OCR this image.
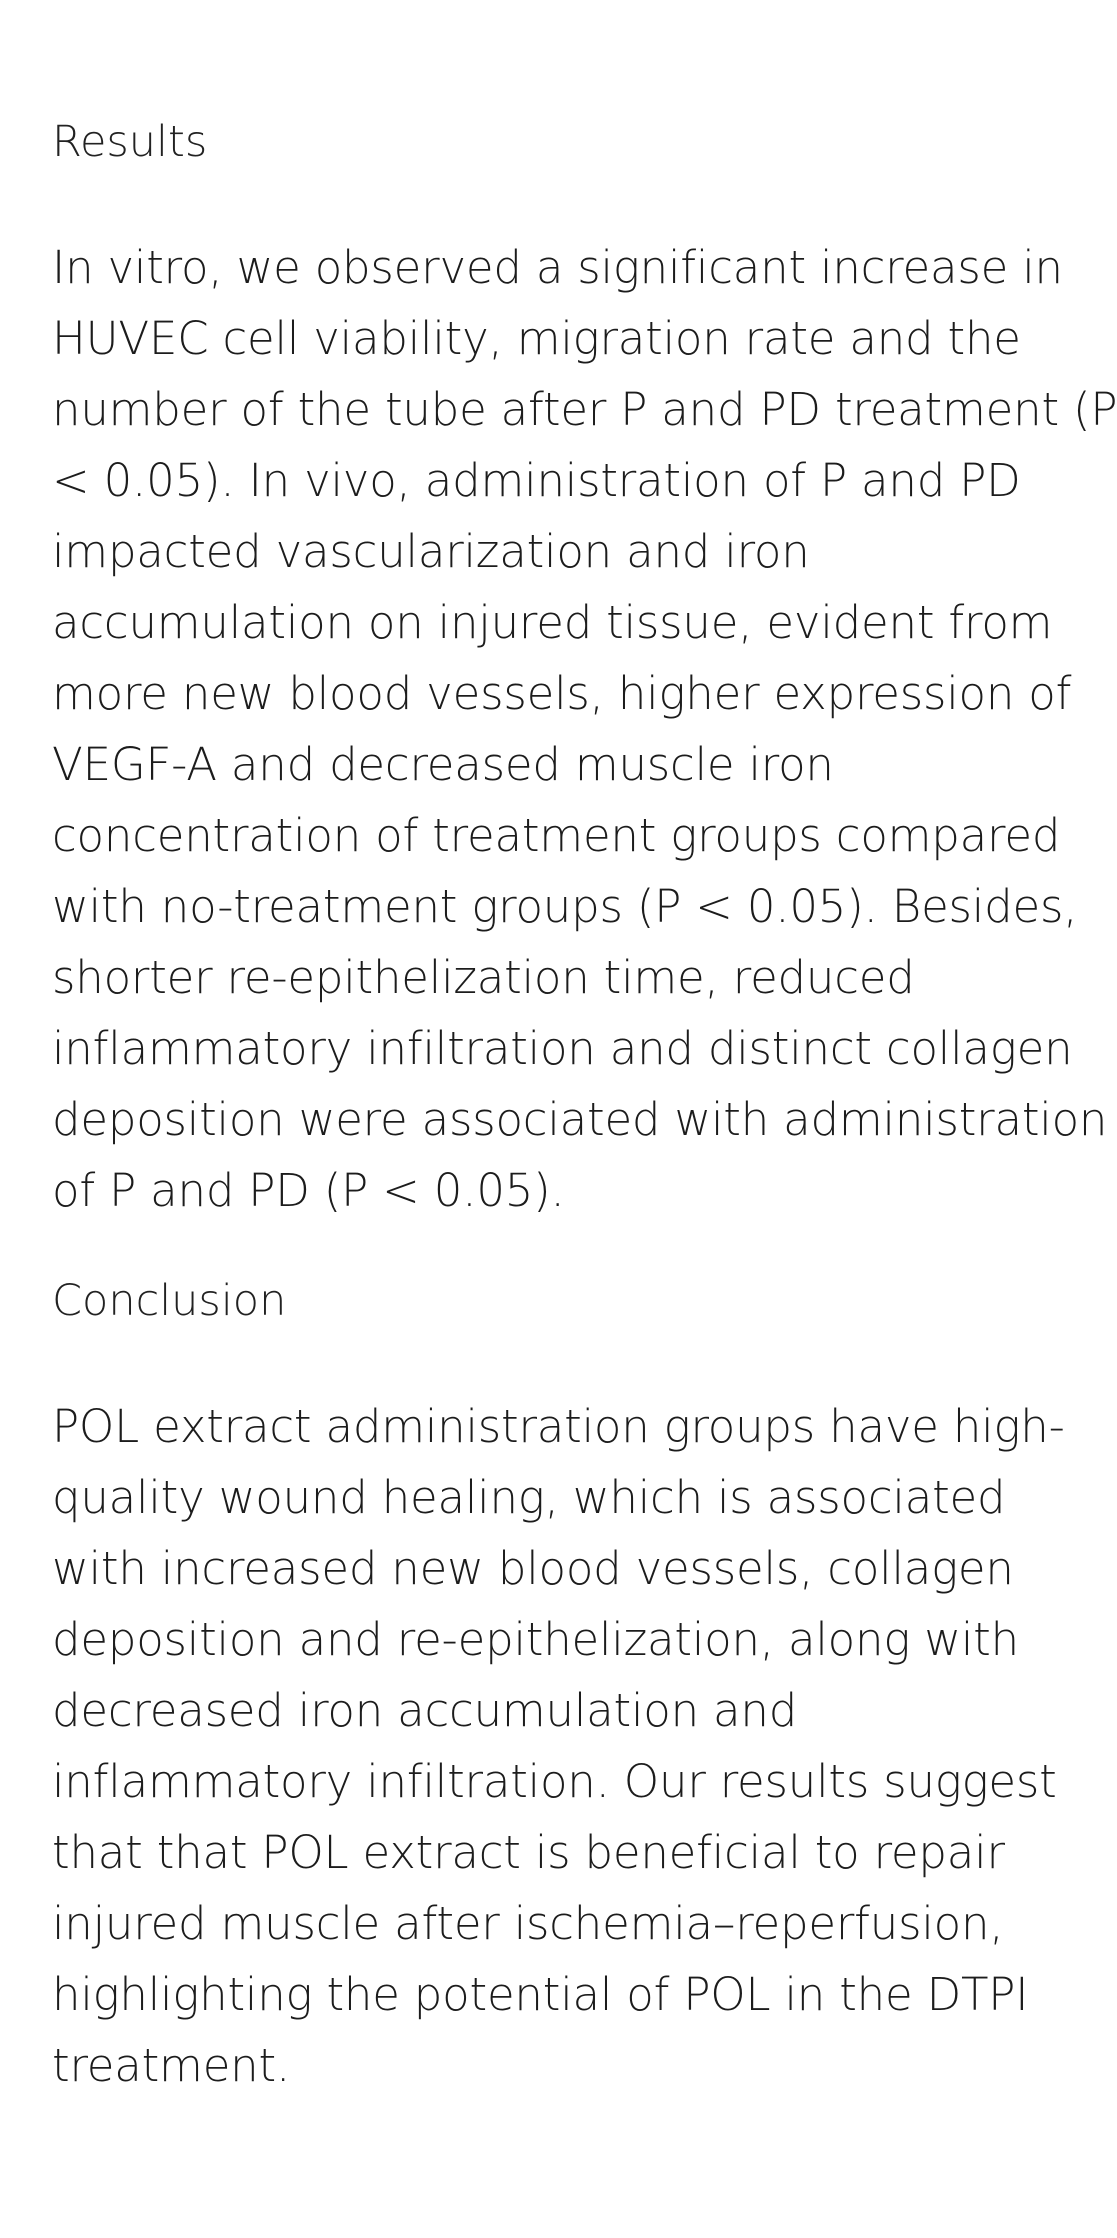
Results

In vitro, we observed a significant increase in
HUVEC cell viability, migration rate and the
number of the tube after P and PD treatment (P
< 0.05). In vivo, administration of P and PD
impacted vascularization and iron
accumulation on injured tissue, evident from
more new blood vessels, higher expression of
VEGF-A and decreased muscle iron
concentration of treatment groups compared
with no-treatment groups (P < 0.05). Besides,
shorter re-epithelization time, reduced
inflammatory infiltration and distinct collagen
deposition were associated with administration
of P and PD (P < 0.05).

Conclusion

POL extract administration groups have high-
quality wound healing, which is associated
with increased new blood vessels, collagen
deposition and re-epithelization, along with
decreased iron accumulation and
inflammatory infiltration. Our results suggest
that that POL extract is beneficial to repair
injured muscle after ischemia–reperfusion,
highlighting the potential of POL in the DTPI
treatment.
